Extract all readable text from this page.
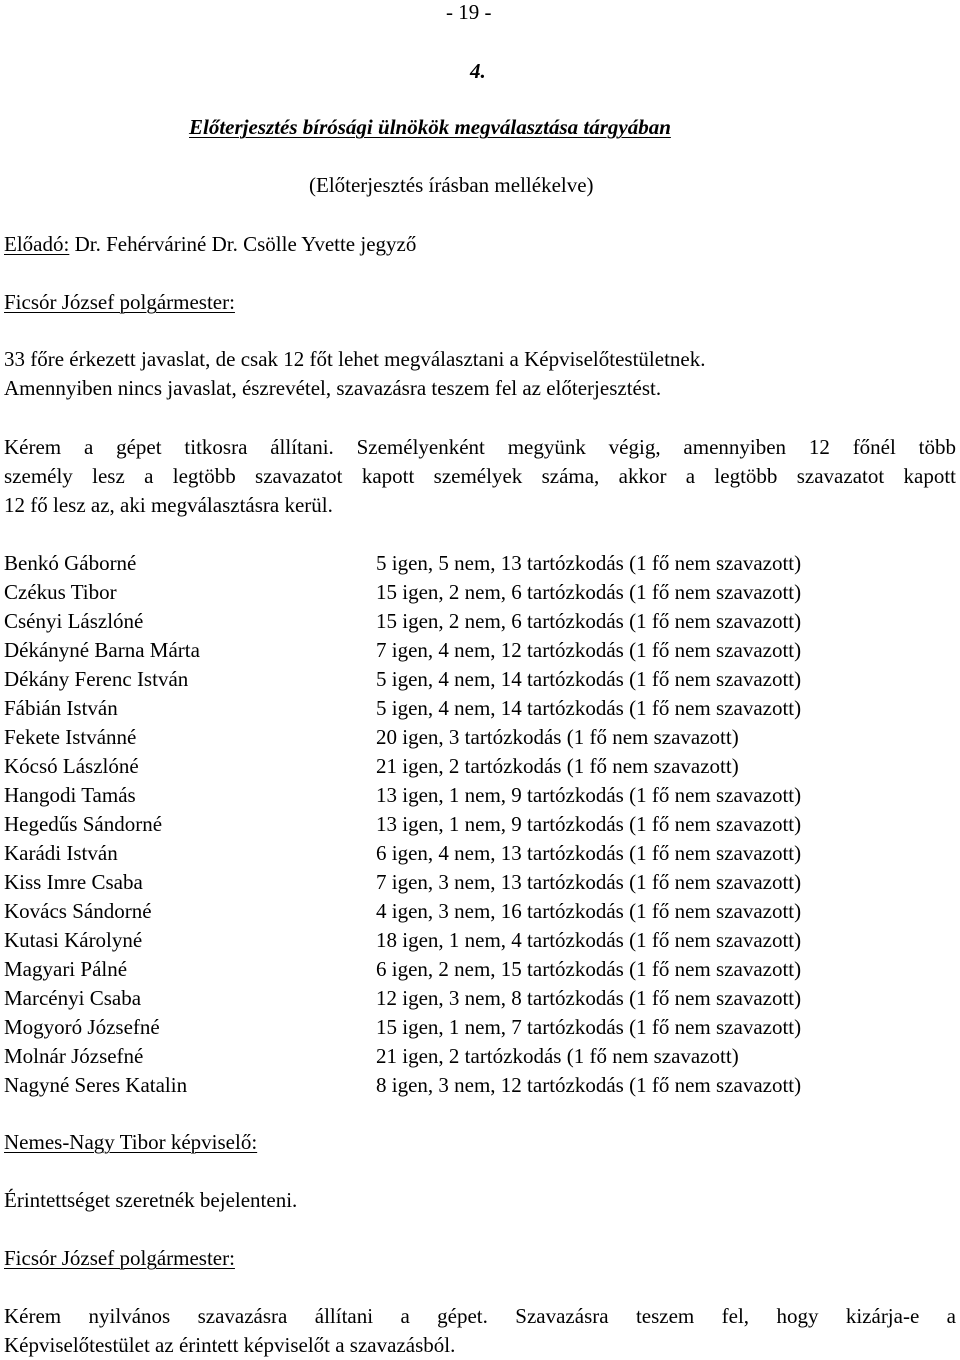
- 19 -
4.
Előterjesztés bírósági ülnökök megválasztása tárgyában
(Előterjesztés írásban mellékelve)
Előadó: Dr. Fehérváriné Dr. Csölle Yvette jegyző
Ficsór József polgármester:
33 főre érkezett javaslat, de csak 12 főt lehet megválasztani a Képviselőtestületnek.
Amennyiben nincs javaslat, észrevétel, szavazásra teszem fel az előterjesztést.
Kérem a gépet titkosra állítani. Személyenként megyünk végig, amennyiben 12 főnél több
személy lesz a legtöbb szavazatot kapott személyek száma, akkor a legtöbb szavazatot kapott
12 fő lesz az, aki megválasztásra kerül.
Benkó Gáborné	5 igen, 5 nem, 13 tartózkodás (1 fő nem szavazott)
Czékus Tibor	15 igen, 2 nem, 6 tartózkodás (1 fő nem szavazott)
Csényi Lászlóné	15 igen, 2 nem, 6 tartózkodás (1 fő nem szavazott)
Dékányné Barna Márta	7 igen, 4 nem, 12 tartózkodás (1 fő nem szavazott)
Dékány Ferenc István	5 igen, 4 nem, 14 tartózkodás (1 fő nem szavazott)
Fábián István	5 igen, 4 nem, 14 tartózkodás (1 fő nem szavazott)
Fekete Istvánné	20 igen, 3 tartózkodás (1 fő nem szavazott)
Kócsó Lászlóné	21 igen, 2 tartózkodás (1 fő nem szavazott)
Hangodi Tamás	13 igen, 1 nem, 9 tartózkodás (1 fő nem szavazott)
Hegedűs Sándorné	13 igen, 1 nem, 9 tartózkodás (1 fő nem szavazott)
Karádi István	6 igen, 4 nem, 13 tartózkodás (1 fő nem szavazott)
Kiss Imre Csaba	7 igen, 3 nem, 13 tartózkodás (1 fő nem szavazott)
Kovács Sándorné	4 igen, 3 nem, 16 tartózkodás (1 fő nem szavazott)
Kutasi Károlyné	18 igen, 1 nem, 4 tartózkodás (1 fő nem szavazott)
Magyari Pálné	6 igen, 2 nem, 15 tartózkodás (1 fő nem szavazott)
Marcényi Csaba	12 igen, 3 nem, 8 tartózkodás (1 fő nem szavazott)
Mogyoró Józsefné	15 igen, 1 nem, 7 tartózkodás (1 fő nem szavazott)
Molnár Józsefné	21 igen, 2 tartózkodás (1 fő nem szavazott)
Nagyné Seres Katalin	8 igen, 3 nem, 12 tartózkodás (1 fő nem szavazott)
Nemes-Nagy Tibor képviselő:
Érintettséget szeretnék bejelenteni.
Ficsór József polgármester:
Kérem nyilvános szavazásra állítani a gépet. Szavazásra teszem fel, hogy kizárja-e a
Képviselőtestület az érintett képviselőt a szavazásból.
